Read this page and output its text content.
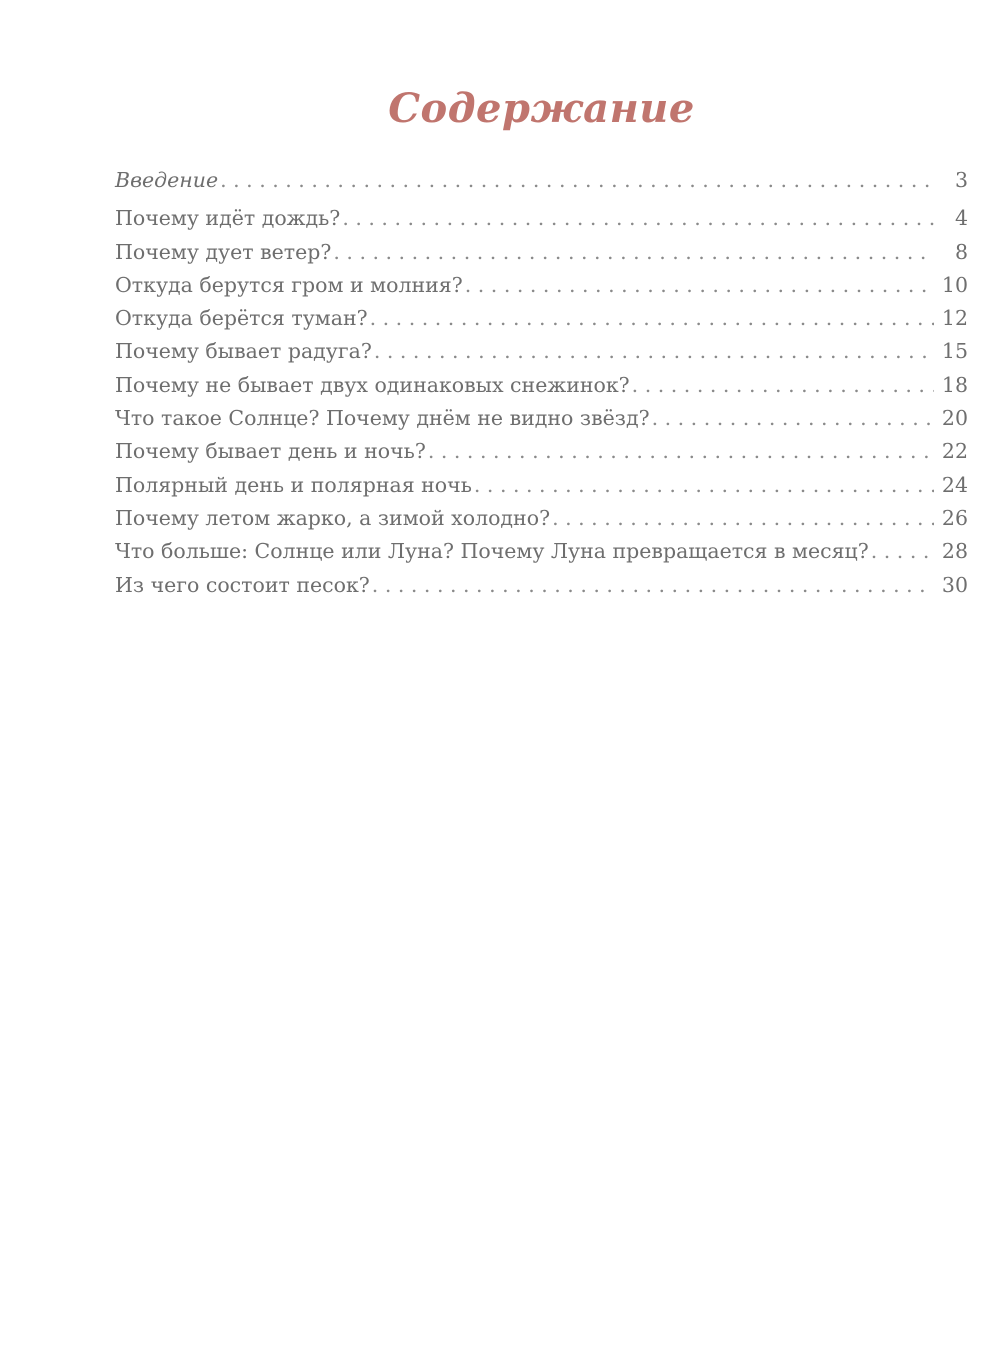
Содержание
Введение . . .	3
Почему идёт дождь? . . .	4
Почему дует ветер? . . .	8
Откуда берутся гром и молния? . . .	10
Откуда берётся туман? . . .	12
Почему бывает радуга? . . .	15
Почему не бывает двух одинаковых снежинок? . . .	18
Что такое Солнце? Почему днём не видно звёзд? . . .	20
Почему бывает день и ночь? . . .	22
Полярный день и полярная ночь . . .	24
Почему летом жарко, а зимой холодно? . . .	26
Что больше: Солнце или Луна? Почему Луна превращается в месяц? . . .	28
Из чего состоит песок? . . .	30
